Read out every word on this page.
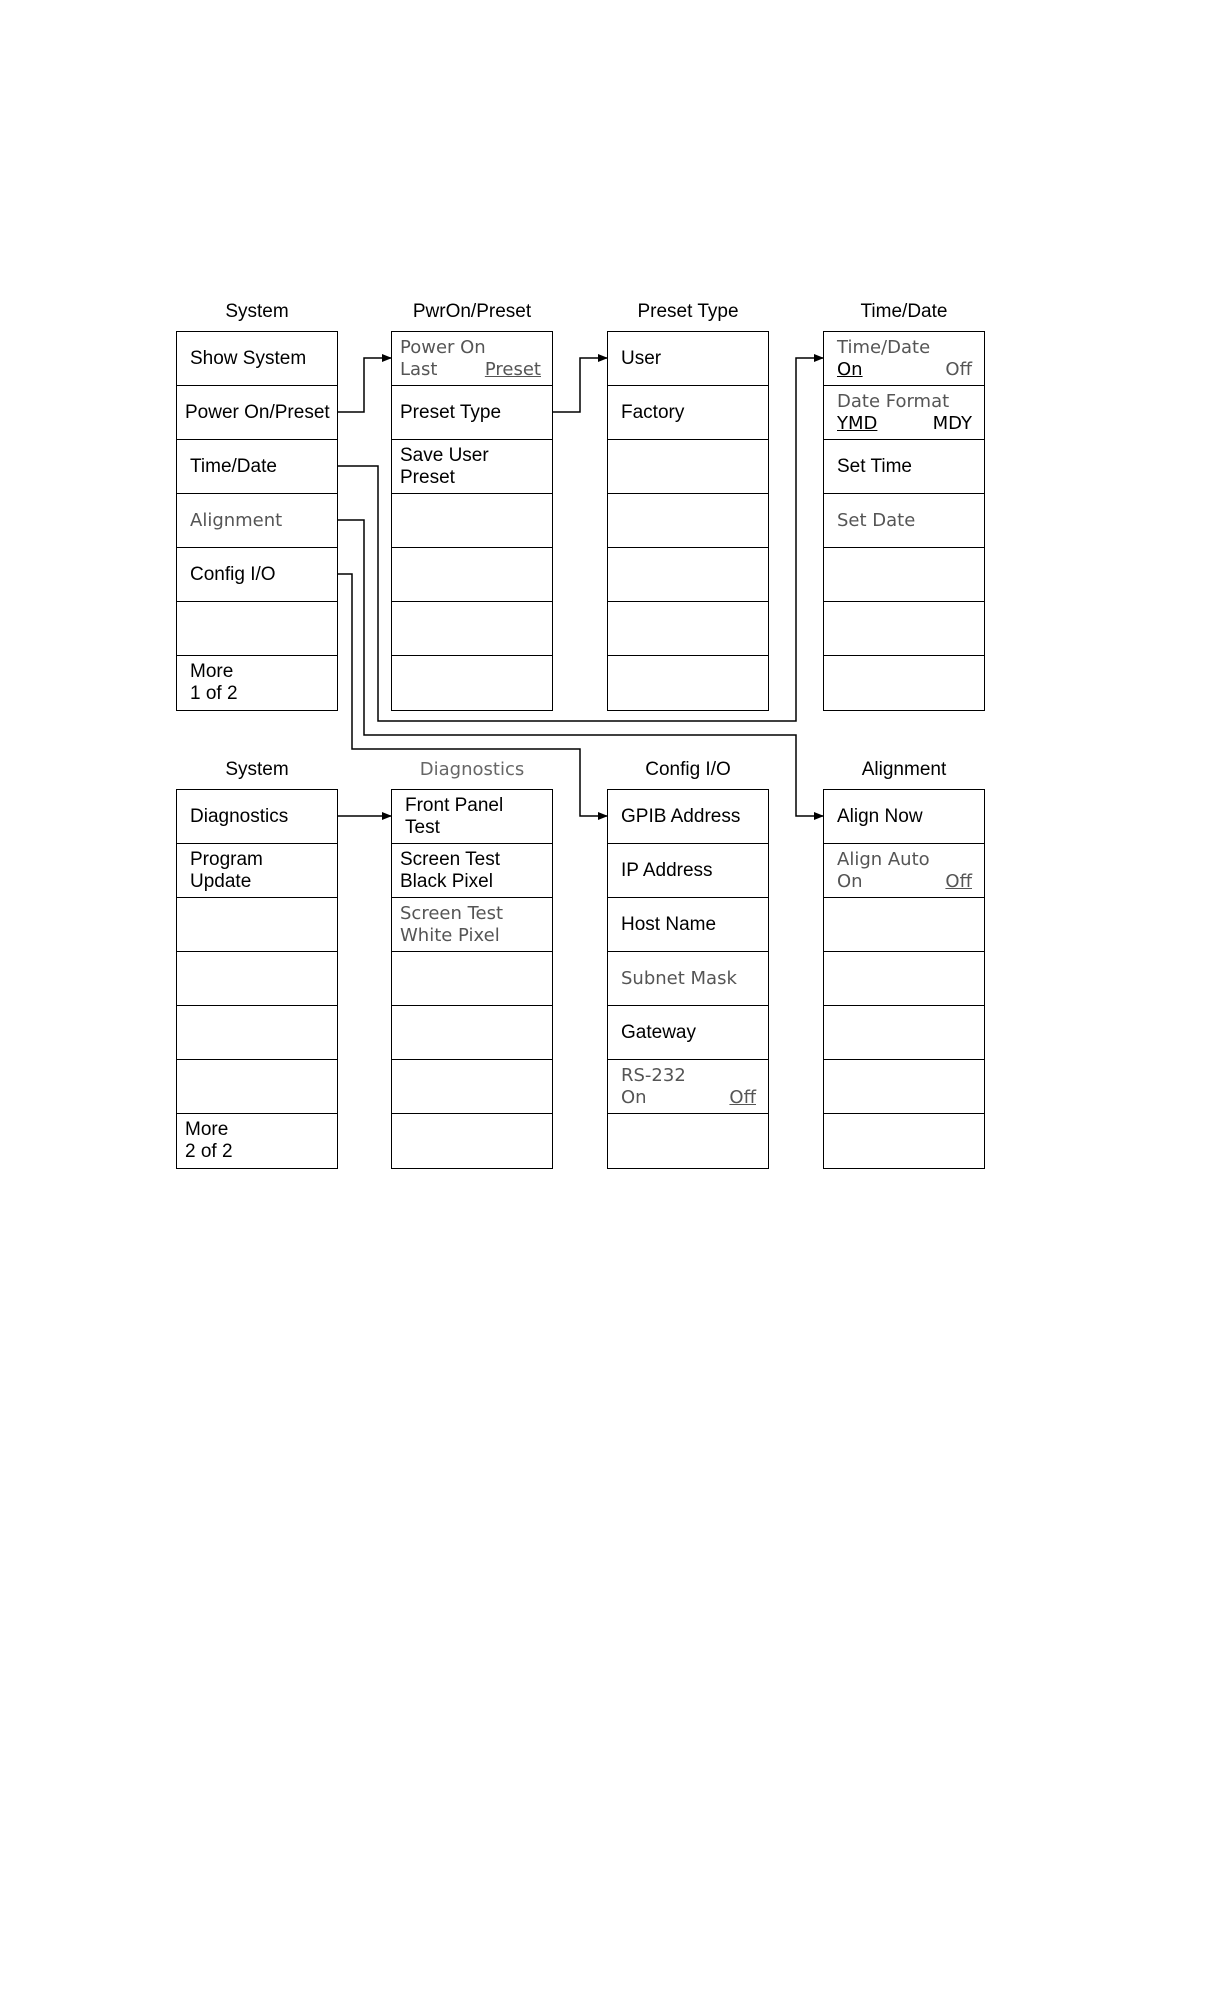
System
Show System
Power On/Preset
Time/Date
Alignment
Config I/O
More
1 of 2
PwrOn/Preset
Power On
Last	Preset
Preset Type
Save User Preset
Preset Type
User
Factory
Time/Date
Time/Date
On	Off
Date Format
YMD	MDY
Set Time
Set Date
System
Diagnostics
Program Update
More
2 of 2
Diagnostics
Front Panel
Test
Screen Test
Black Pixel
Screen Test
White Pixel
Config I/O
GPIB Address
IP Address
Host Name
Subnet Mask
Gateway
RS-232
On	Off
Alignment
Align Now
Align Auto
On	Off
